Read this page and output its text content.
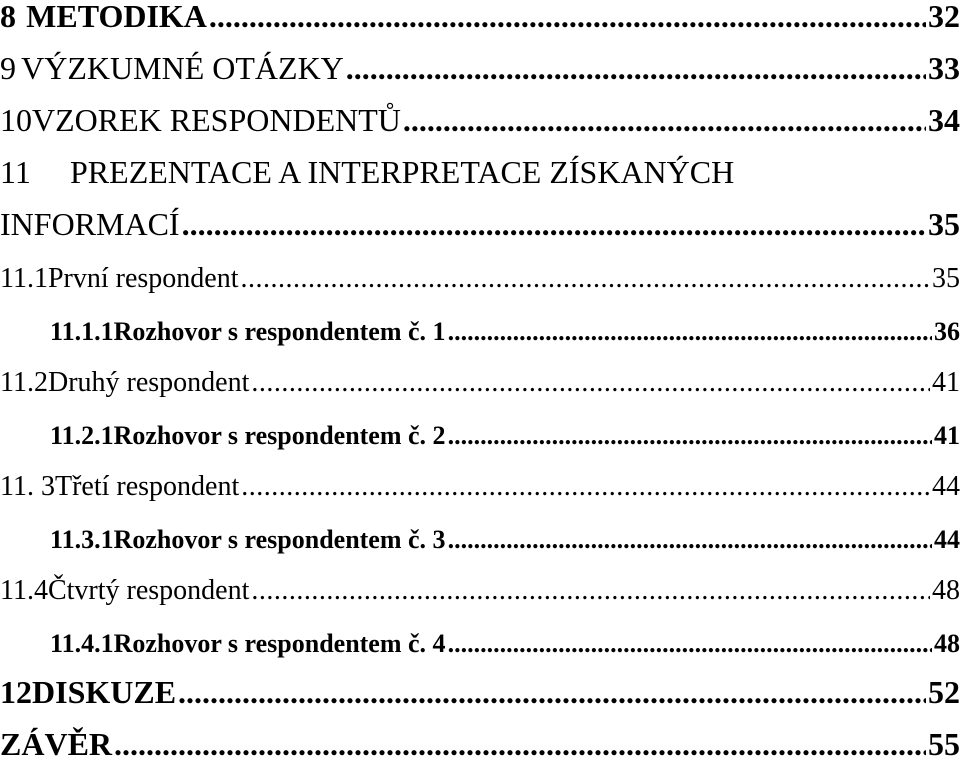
8 METODIKA .....	32
9 VÝZKUMNÉ OTÁZKY .....	33
10 VZOREK RESPONDENTŮ .....	34
11	PREZENTACE A INTERPRETACE ZÍSKANÝCH
INFORMACÍ .....	35
11.1 První respondent .....	35
11.1.1 Rozhovor s respondentem č. 1 .....	36
11.2 Druhý respondent .....	41
11.2.1 Rozhovor s respondentem č. 2 .....	41
11. 3 Třetí respondent .....	44
11.3.1 Rozhovor s respondentem č. 3 .....	44
11.4 Čtvrtý respondent .....	48
11.4.1 Rozhovor s respondentem č. 4 .....	48
12 DISKUZE .....	52
ZÁVĚR .....	55
